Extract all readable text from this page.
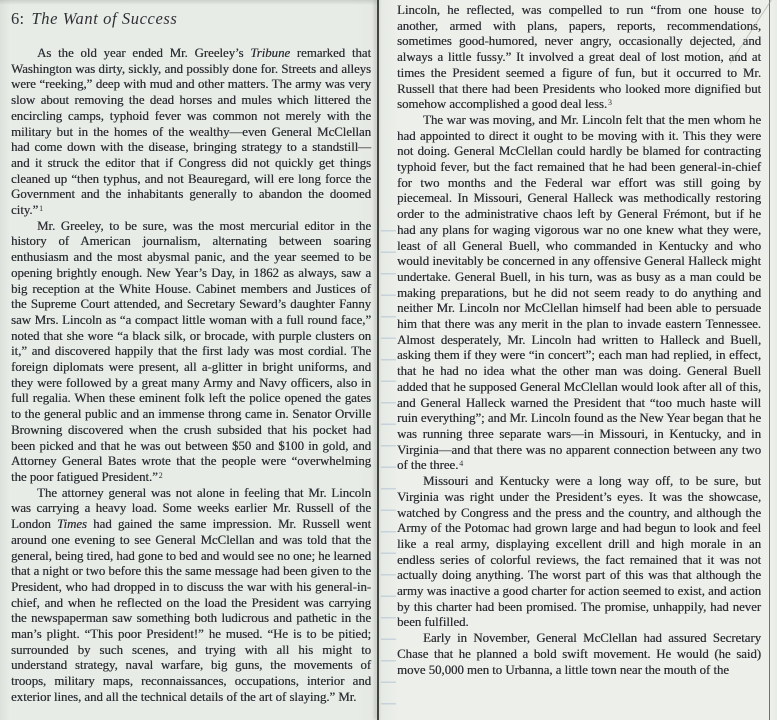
6: The Want of Success

As the old year ended Mr. Greeley’s Tribune remarked that Washington was dirty, sickly, and possibly done for. Streets and alleys were “reeking,” deep with mud and other matters. The army was very slow about removing the dead horses and mules which littered the encircling camps, typhoid fever was common not merely with the military but in the homes of the wealthy—even General McClellan had come down with the disease, bringing strategy to a standstill—and it struck the editor that if Congress did not quickly get things cleaned up “then typhus, and not Beauregard, will ere long force the Government and the inhabitants generally to abandon the doomed city.”$^1$

Mr. Greeley, to be sure, was the most mercurial editor in the history of American journalism, alternating between soaring enthusiasm and the most abysmal panic, and the year seemed to be opening brightly enough. New Year’s Day, in 1862 as always, saw a big reception at the White House. Cabinet members and Justices of the Supreme Court attended, and Secretary Seward’s daughter Fanny saw Mrs. Lincoln as “a compact little woman with a full round face,” noted that she wore “a black silk, or brocade, with purple clusters on it,” and discovered happily that the first lady was most cordial. The foreign diplomats were present, all a-glitter in bright uniforms, and they were followed by a great many Army and Navy officers, also in full regalia. When these eminent folk left the police opened the gates to the general public and an immense throng came in. Senator Orville Browning discovered when the crush subsided that his pocket had been picked and that he was out between $50 and $100 in gold, and Attorney General Bates wrote that the people were “overwhelming the poor fatigued President.”$^2$

The attorney general was not alone in feeling that Mr. Lincoln was carrying a heavy load. Some weeks earlier Mr. Russell of the London Times had gained the same impression. Mr. Russell went around one evening to see General McClellan and was told that the general, being tired, had gone to bed and would see no one; he learned that a night or two before this the same message had been given to the President, who had dropped in to discuss the war with his general-in-chief, and when he reflected on the load the President was carrying the newspaperman saw something both ludicrous and pathetic in the man’s plight. “This poor President!” he mused. “He is to be pitied; surrounded by such scenes, and trying with all his might to understand strategy, naval warfare, big guns, the movements of troops, military maps, reconnaissances, occupations, interior and exterior lines, and all the technical details of the art of slaying.” Mr.

Lincoln, he reflected, was compelled to run “from one house to another, armed with plans, papers, reports, recommendations, sometimes good-humored, never angry, occasionally dejected, and always a little fussy.” It involved a great deal of lost motion, and at times the President seemed a figure of fun, but it occurred to Mr. Russell that there had been Presidents who looked more dignified but somehow accomplished a good deal less.$^3$

The war was moving, and Mr. Lincoln felt that the men whom he had appointed to direct it ought to be moving with it. This they were not doing. General McClellan could hardly be blamed for contracting typhoid fever, but the fact remained that he had been general-in-chief for two months and the Federal war effort was still going by piecemeal. In Missouri, General Halleck was methodically restoring order to the administrative chaos left by General Frémont, but if he had any plans for waging vigorous war no one knew what they were, least of all General Buell, who commanded in Kentucky and who would inevitably be concerned in any offensive General Halleck might undertake. General Buell, in his turn, was as busy as a man could be making preparations, but he did not seem ready to do anything and neither Mr. Lincoln nor McClellan himself had been able to persuade him that there was any merit in the plan to invade eastern Tennessee. Almost desperately, Mr. Lincoln had written to Halleck and Buell, asking them if they were “in concert”; each man had replied, in effect, that he had no idea what the other man was doing. General Buell added that he supposed General McClellan would look after all of this, and General Halleck warned the President that “too much haste will ruin everything”; and Mr. Lincoln found as the New Year began that he was running three separate wars—in Missouri, in Kentucky, and in Virginia—and that there was no apparent connection between any two of the three.$^4$

Missouri and Kentucky were a long way off, to be sure, but Virginia was right under the President’s eyes. It was the showcase, watched by Congress and the press and the country, and although the Army of the Potomac had grown large and had begun to look and feel like a real army, displaying excellent drill and high morale in an endless series of colorful reviews, the fact remained that it was not actually doing anything. The worst part of this was that although the army was inactive a good charter for action seemed to exist, and action by this charter had been promised. The promise, unhappily, had never been fulfilled.

Early in November, General McClellan had assured Secretary Chase that he planned a bold swift movement. He would (he said) move 50,000 men to Urbanna, a little town near the mouth of the
